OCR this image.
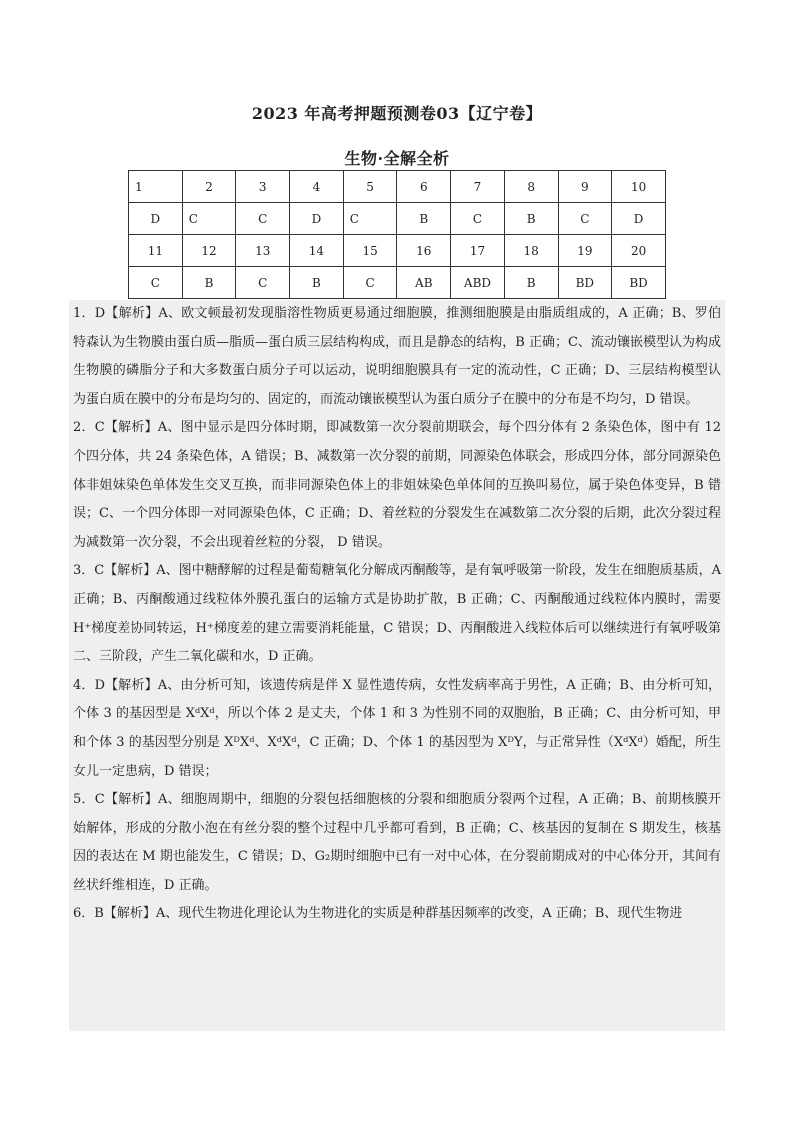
2023 年高考押题预测卷03【辽宁卷】
生物·全解全析
1	2	3	4	5	6	7	8	9	10
D	C	C	D	C	B	C	B	C	D
11	12	13	14	15	16	17	18	19	20
C	B	C	B	C	AB	ABD	B	BD	BD

1．D【解析】A、欧文顿最初发现脂溶性物质更易通过细胞膜，推测细胞膜是由脂质组成的，A 正确；B、罗伯特森认为生物膜由蛋白质—脂质—蛋白质三层结构构成，而且是静态的结构，B 正确；C、流动镶嵌模型认为构成生物膜的磷脂分子和大多数蛋白质分子可以运动，说明细胞膜具有一定的流动性，C 正确；D、三层结构模型认为蛋白质在膜中的分布是均匀的、固定的，而流动镶嵌模型认为蛋白质分子在膜中的分布是不均匀，D 错误。

2．C【解析】A、图中显示是四分体时期，即减数第一次分裂前期联会，每个四分体有 2 条染色体，图中有 12 个四分体，共 24 条染色体，A 错误；B、减数第一次分裂的前期，同源染色体联会，形成四分体，部分同源染色体非姐妹染色单体发生交叉互换，而非同源染色体上的非姐妹染色单体间的互换叫易位，属于染色体变异，B 错误；C、一个四分体即一对同源染色体，C 正确；D、着丝粒的分裂发生在减数第二次分裂的后期，此次分裂过程为减数第一次分裂，不会出现着丝粒的分裂， D 错误。

3．C【解析】A、图中糖酵解的过程是葡萄糖氧化分解成丙酮酸等，是有氧呼吸第一阶段，发生在细胞质基质，A 正确；B、丙酮酸通过线粒体外膜孔蛋白的运输方式是协助扩散，B 正确；C、丙酮酸通过线粒体内膜时，需要 H⁺梯度差协同转运，H⁺梯度差的建立需要消耗能量，C 错误；D、丙酮酸进入线粒体后可以继续进行有氧呼吸第二、三阶段，产生二氧化碳和水，D 正确。

4．D【解析】A、由分析可知，该遗传病是伴 X 显性遗传病，女性发病率高于男性，A 正确；B、由分析可知，个体 3 的基因型是 XᵈXᵈ，所以个体 2 是丈夫，个体 1 和 3 为性别不同的双胞胎，B 正确；C、由分析可知，甲和个体 3 的基因型分别是 XᴰXᵈ、XᵈXᵈ，C 正确；D、个体 1 的基因型为 XᴰY，与正常异性（XᵈXᵈ）婚配，所生女儿一定患病，D 错误；

5．C【解析】A、细胞周期中，细胞的分裂包括细胞核的分裂和细胞质分裂两个过程，A 正确；B、前期核膜开始解体，形成的分散小泡在有丝分裂的整个过程中几乎都可看到，B 正确；C、核基因的复制在 S 期发生，核基因的表达在 M 期也能发生，C 错误；D、G₂期时细胞中已有一对中心体，在分裂前期成对的中心体分开，其间有丝状纤维相连，D 正确。

6．B【解析】A、现代生物进化理论认为生物进化的实质是种群基因频率的改变，A 正确；B、现代生物进
